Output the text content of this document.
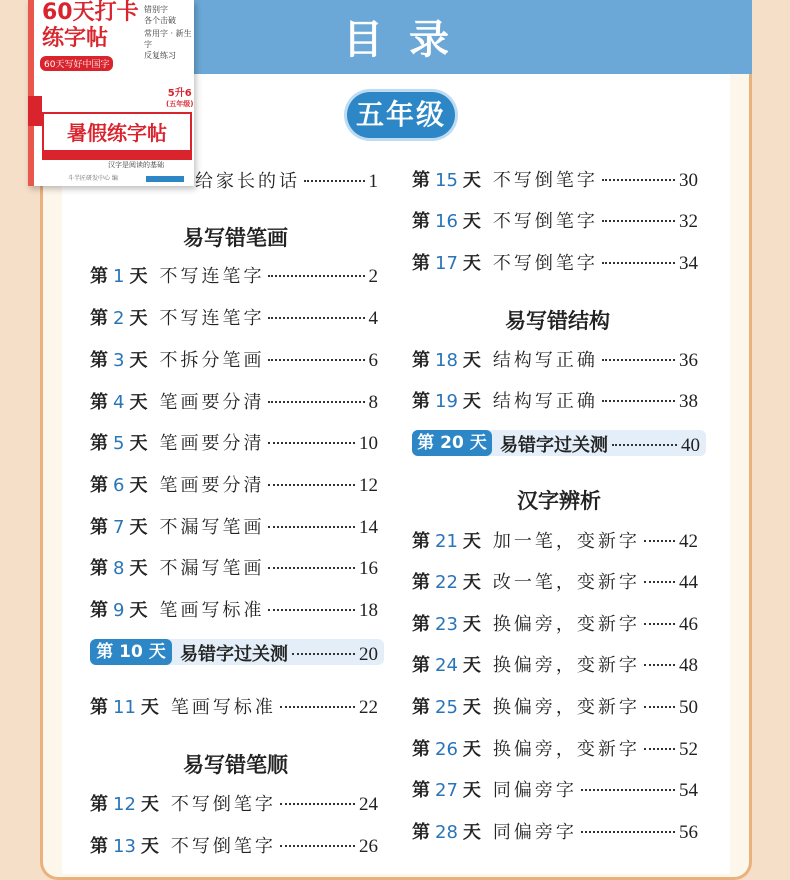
目录
五年级
给家长的话	1
易写错笔画
第 1 天 不写连笔字	2
第 2 天 不写连笔字	4
第 3 天 不拆分笔画	6
第 4 天 笔画要分清	8
第 5 天 笔画要分清	10
第 6 天 笔画要分清	12
第 7 天 不漏写笔画	14
第 8 天 不漏写笔画	16
第 9 天 笔画写标准	18
第 10 天 易错字过关测	20
第 11 天 笔画写标准	22
易写错笔顺
第 12 天 不写倒笔字	24
第 13 天 不写倒笔字	26
第 15 天 不写倒笔字	30
第 16 天 不写倒笔字	32
第 17 天 不写倒笔字	34
易写错结构
第 18 天 结构写正确	36
第 19 天 结构写正确	38
第 20 天 易错字过关测	40
汉字辨析
第 21 天 加一笔，变新字 42
第 22 天 改一笔，变新字 44
第 23 天 换偏旁，变新字 46
第 24 天 换偏旁，变新字 48
第 25 天 换偏旁，变新字 50
第 26 天 换偏旁，变新字 52
第 27 天 同偏旁字	54
第 28 天 同偏旁字	56
60天打卡
练字帖
错别字
各个击破
常用字 · 新生字
反复练习
60天写好中国字
5升6
(五年级)
暑假练字帖
汉字是阅读的基础
斗半匠研发中心 编
